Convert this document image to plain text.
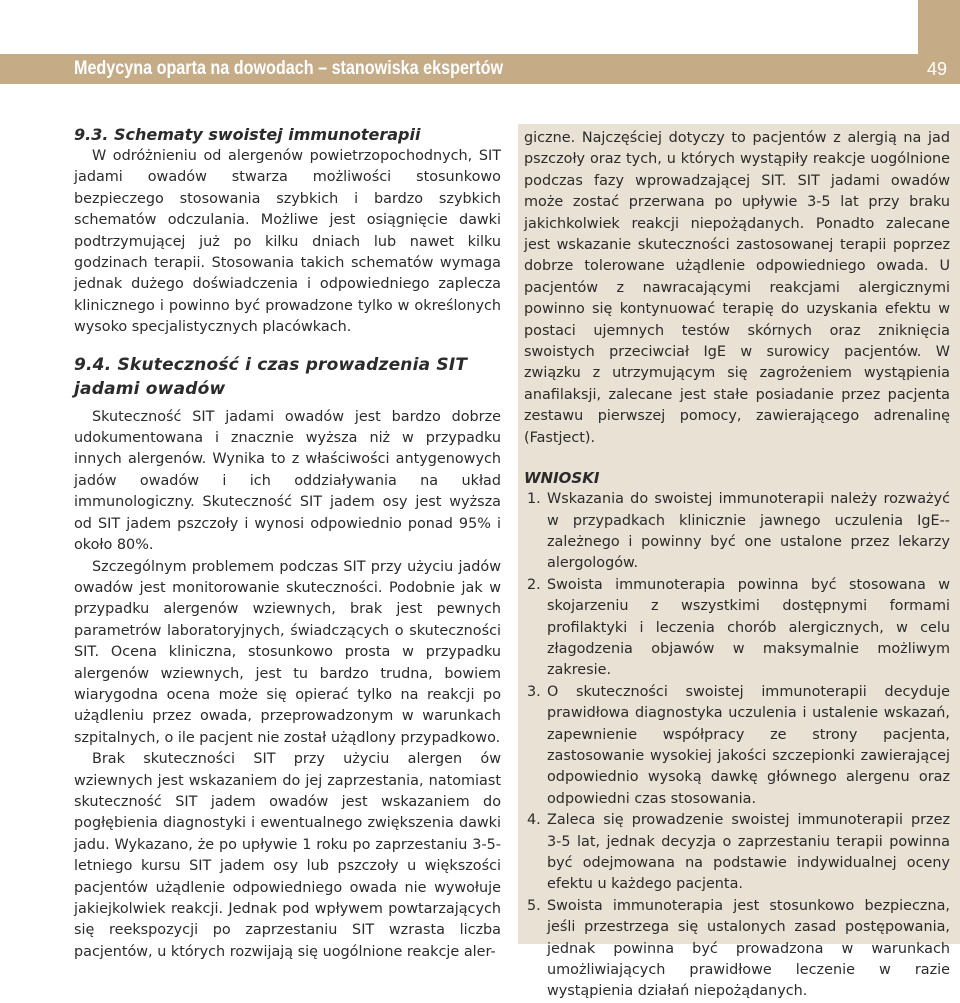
Medycyna oparta na dowodach – stanowiska ekspertów	49
9.3. Schematy swoistej immunoterapii

W odróżnieniu od alergenów powietrzopochodnych, SIT jadami owadów stwarza możliwości stosunkowo bezpieczego stosowania szybkich i bardzo szybkich schematów odczulania. Możliwe jest osiągnięcie dawki podtrzymującej już po kilku dniach lub nawet kilku godzinach terapii. Stosowania takich schematów wymaga jednak dużego doświadczenia i odpowiedniego zaplecza klinicznego i powinno być prowadzone tylko w określonych wysoko specjalistycznych placówkach.

9.4. Skuteczność i czas prowadzenia SIT jadami owadów

Skuteczność SIT jadami owadów jest bardzo dobrze udokumentowana i znacznie wyższa niż w przypadku innych alergenów. Wynika to z właściwości antygenowych jadów owadów i ich oddziaływania na układ immunologiczny. Skuteczność SIT jadem osy jest wyższa od SIT jadem pszczoły i wynosi odpowiednio ponad 95% i około 80%.

Szczególnym problemem podczas SIT przy użyciu jadów owadów jest monitorowanie skuteczności. Podobnie jak w przypadku alergenów wziewnych, brak jest pewnych parametrów laboratoryjnych, świadczących o skuteczności SIT. Ocena kliniczna, stosunkowo prosta w przypadku alergenów wziewnych, jest tu bardzo trudna, bowiem wiarygodna ocena może się opierać tylko na reakcji po użądleniu przez owada, przeprowadzonym w warunkach szpitalnych, o ile pacjent nie został użądlony przypadkowo.

Brak skuteczności SIT przy użyciu alergen ów wziewnych jest wskazaniem do jej zaprzestania, natomiast skuteczność SIT jadem owadów jest wskazaniem do pogłębienia diagnostyki i ewentualnego zwiększenia dawki jadu. Wykazano, że po upływie 1 roku po zaprzestaniu 3-5-letniego kursu SIT jadem osy lub pszczoły u większości pacjentów użądlenie odpowiedniego owada nie wywołuje jakiejkolwiek reakcji. Jednak pod wpływem powtarzających się reekspozycji po zaprzestaniu SIT wzrasta liczba pacjentów, u których rozwijają się uogólnione reakcje aler-

giczne. Najczęściej dotyczy to pacjentów z alergią na jad pszczoły oraz tych, u których wystąpiły reakcje uogólnione podczas fazy wprowadzającej SIT. SIT jadami owadów może zostać przerwana po upływie 3-5 lat przy braku jakichkolwiek reakcji niepożądanych. Ponadto zalecane jest wskazanie skuteczności zastosowanej terapii poprzez dobrze tolerowane użądlenie odpowiedniego owada. U pacjentów z nawracającymi reakcjami alergicznymi powinno się kontynuować terapię do uzyskania efektu w postaci ujemnych testów skórnych oraz zniknięcia swoistych przeciwciał IgE w surowicy pacjentów. W związku z utrzymującym się zagrożeniem wystąpienia anafilaksji, zalecane jest stałe posiadanie przez pacjenta zestawu pierwszej pomocy, zawierającego adrenalinę (Fastject).

WNIOSKI
1. Wskazania do swoistej immunoterapii należy rozważyć w przypadkach klinicznie jawnego uczulenia IgE--zależnego i powinny być one ustalone przez lekarzy alergologów.
2. Swoista immunoterapia powinna być stosowana w skojarzeniu z wszystkimi dostępnymi formami profilaktyki i leczenia chorób alergicznych, w celu złagodzenia objawów w maksymalnie możliwym zakresie.
3. O skuteczności swoistej immunoterapii decyduje prawidłowa diagnostyka uczulenia i ustalenie wskazań, zapewnienie współpracy ze strony pacjenta, zastosowanie wysokiej jakości szczepionki zawierającej odpowiednio wysoką dawkę głównego alergenu oraz odpowiedni czas stosowania.
4. Zaleca się prowadzenie swoistej immunoterapii przez 3-5 lat, jednak decyzja o zaprzestaniu terapii powinna być odejmowana na podstawie indywidualnej oceny efektu u każdego pacjenta.
5. Swoista immunoterapia jest stosunkowo bezpieczna, jeśli przestrzega się ustalonych zasad postępowania, jednak powinna być prowadzona w warunkach umożliwiających prawidłowe leczenie w razie wystąpienia działań niepożądanych.
